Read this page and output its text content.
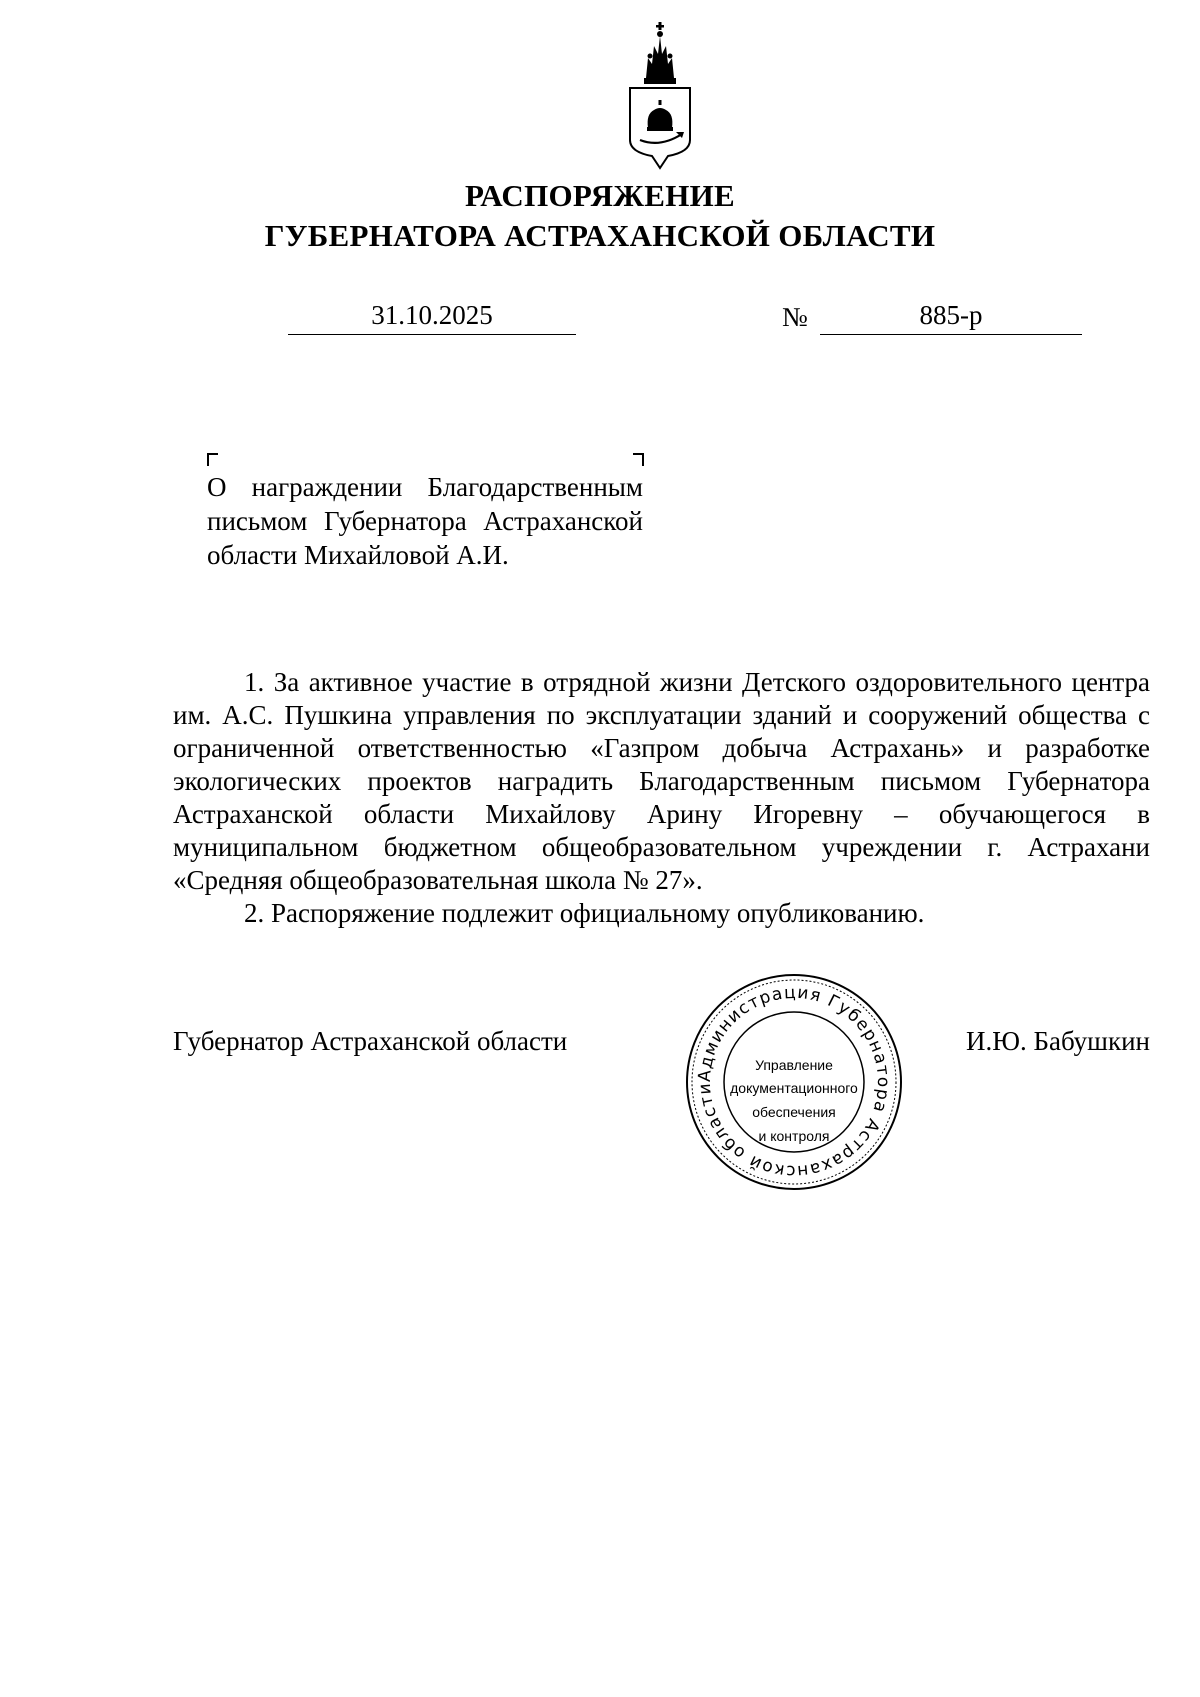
РАСПОРЯЖЕНИЕ
ГУБЕРНАТОРА АСТРАХАНСКОЙ ОБЛАСТИ
31.10.2025	№	885-р
О награждении Благодарственным
письмом Губернатора Астраханской
области Михайловой А.И.

1. За активное участие в отрядной жизни Детского оздоровительного центра им. А.С. Пушкина управления по эксплуатации зданий и сооружений общества с ограниченной ответственностью «Газпром добыча Астрахань» и разработке экологических проектов наградить Благодарственным письмом Губернатора Астраханской области Михайлову Арину Игоревну – обучающегося в муниципальном бюджетном общеобразовательном учреждении г. Астрахани «Средняя общеобразовательная школа № 27».

2. Распоряжение подлежит официальному опубликованию.

Губернатор Астраханской области	И.Ю. Бабушкин
Администрация Губернатора Астраханской области
Управление
документационного
обеспечения
и контроля
